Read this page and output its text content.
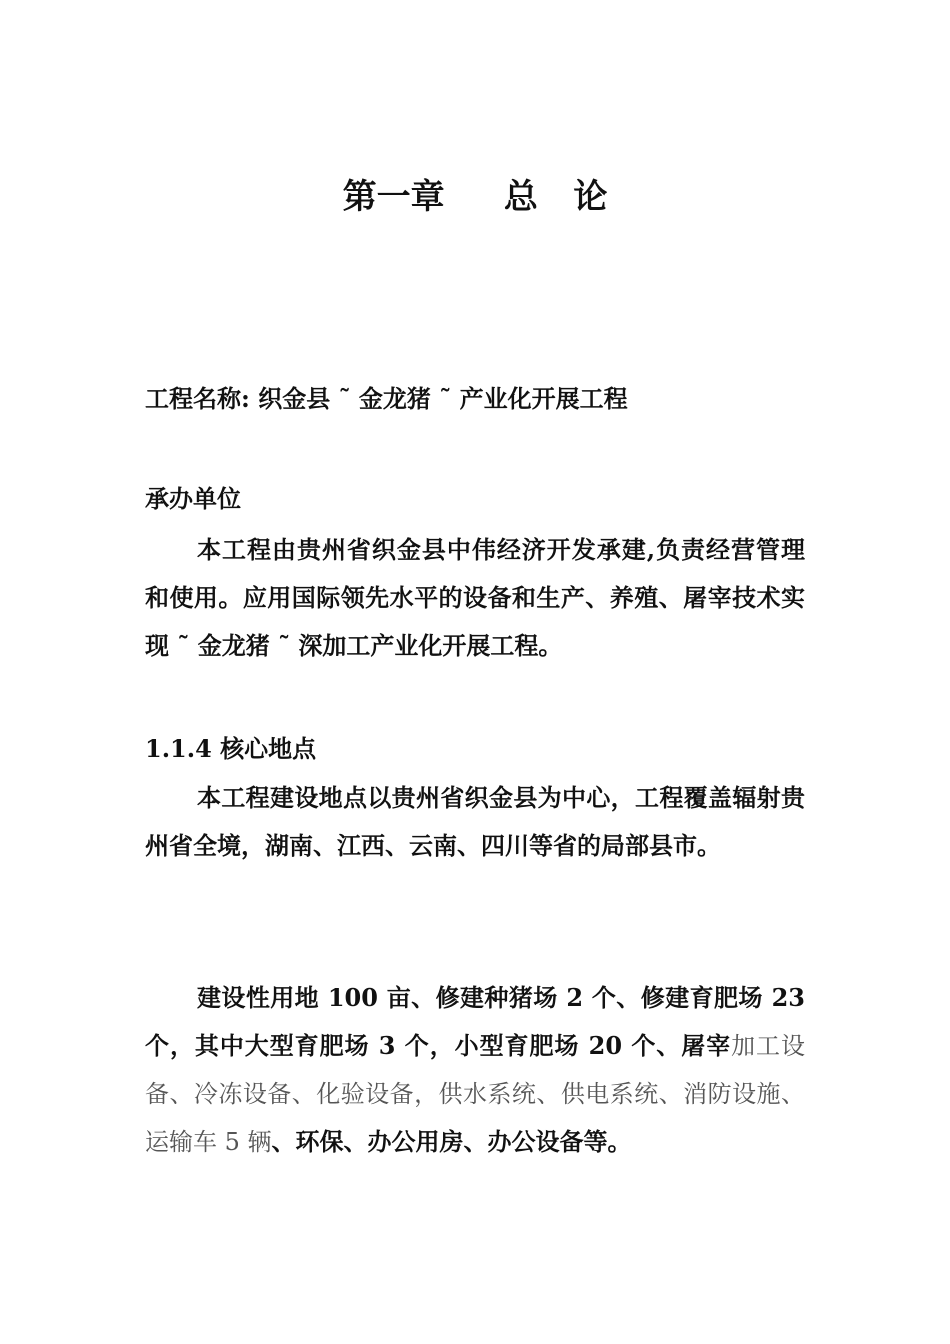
第一章     总   论
工程名称: 织金县 ˜ 金龙猪 ˜ 产业化开展工程
承办单位
本工程由贵州省织金县中伟经济开发承建,负责经营管理和使用。应用国际领先水平的设备和生产、养殖、屠宰技术实现 ˜ 金龙猪 ˜ 深加工产业化开展工程。
1.1.4 核心地点
本工程建设地点以贵州省织金县为中心，工程覆盖辐射贵州省全境，湖南、江西、云南、四川等省的局部县市。
建设性用地 100 亩、修建种猪场 2 个、修建育肥场 23 个，其中大型育肥场 3 个，小型育肥场 20 个、屠宰加工设备、冷冻设备、化验设备，供水系统、供电系统、消防设施、运输车 5 辆、环保、办公用房、办公设备等。
